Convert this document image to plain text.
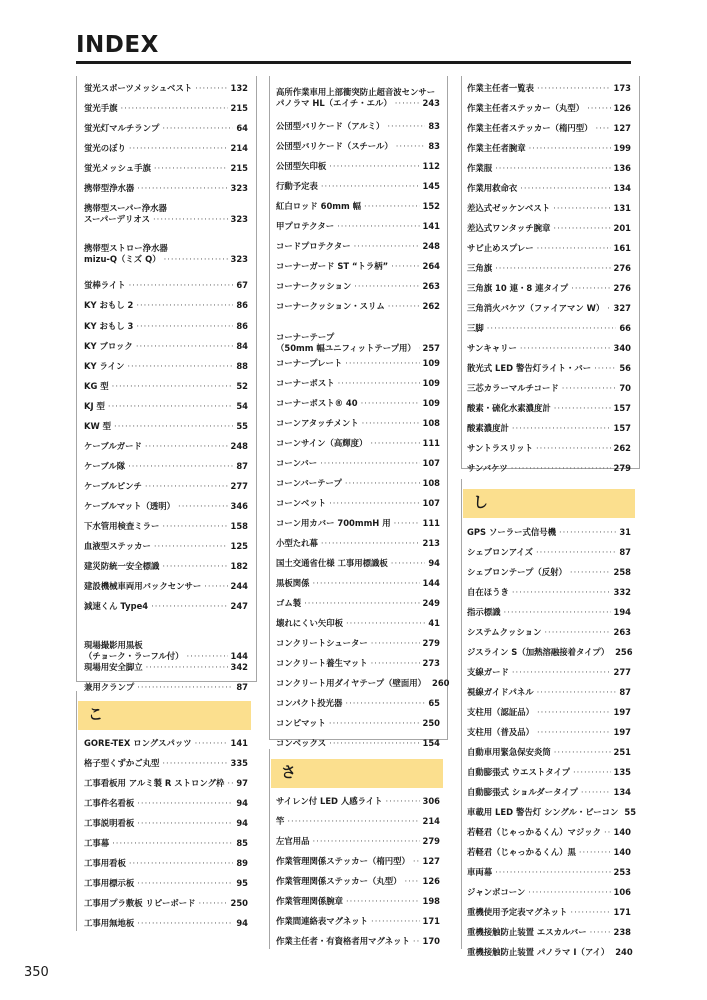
INDEX
こ
さ
し
蛍光スポーツメッシュベスト ·····	132
蛍光手旗 ·····	215
蛍光灯マルチランプ ·····	64
蛍光のぼり ·····	214
蛍光メッシュ手旗 ·····	215
携帯型浄水器 ·····	323
携帯型スーパー浄水器
スーパーデリオス ·····	323
携帯型ストロー浄水器
mizu-Q（ミズ Q） ·····	323
蛍棒ライト ·····	67
KY おもし 2 ·····	86
KY おもし 3 ·····	86
KY ブロック ·····	84
KY ライン ·····	88
KG 型 ·····	52
KJ 型 ·····	54
KW 型 ·····	55
ケーブルガード ·····	248
ケーブル隊 ·····	87
ケーブルピンチ ·····	277
ケーブルマット（透明） ·····	346
下水管用検査ミラー ·····	158
血液型ステッカー ·····	125
建災防統一安全標識 ·····	182
建設機械車両用バックセンサー ·····	244
減速くん Type4 ·····	247
現場撮影用黒板
（チョーク・ラーフル付） ·····	144
現場用安全脚立 ·····	342
兼用クランプ ·····	87
GORE-TEX ロングスパッツ ·····	141
格子型くずかご丸型 ·····	335
工事看板用 アルミ製 R ストロング枠 ····· 97
工事件名看板 ·····	94
工事説明看板 ·····	94
工事幕 ·····	85
工事用看板 ·····	89
工事用標示板 ·····	95
工事用プラ敷板 リピーボード ·····	250
工事用無地板 ·····	94
高所作業車用上部衝突防止超音波センサー
パノラマ HL（エイチ・エル） ·····	243
公団型バリケード（アルミ） ·····	83
公団型バリケード（スチール） ·····	83
公団型矢印板 ·····	112
行動予定表 ·····	145
紅白ロッド 60mm 幅 ·····	152
甲プロテクター ·····	141
コードプロテクター ·····	248
コーナーガード ST “トラ柄” ·····	264
コーナークッション ·····	263
コーナークッション・スリム ·····	262
コーナーテープ
（50mm 幅ユニフィットテープ用） ····· 257
コーナープレート ·····	109
コーナーポスト ·····	109
コーナーポスト® 40 ·····	109
コーンアタッチメント ·····	108
コーンサイン（高輝度） ·····	111
コーンバー ·····	107
コーンバーテープ ·····	108
コーンベット ·····	107
コーン用カバー 700mmH 用 ·····	111
小型たれ幕 ·····	213
国土交通省仕様 工事用標識板 ·····	94
黒板関係 ·····	144
ゴム製 ·····	249
壊れにくい矢印板 ·····	41
コンクリートシューター ·····	279
コンクリート養生マット ·····	273
コンクリート用ダイヤテープ（壁面用） 260
コンパクト投光器 ·····	65
コンピマット ·····	250
コンベックス ·····	154
サイレン付 LED 人感ライト ·····	306
竿 ·····	214
左官用品 ·····	279
作業管理関係ステッカー（楕円型） ····· 127
作業管理関係ステッカー（丸型） ·····	126
作業管理関係腕章 ·····	198
作業間連絡表マグネット ·····	171
作業主任者・有資格者用マグネット ····· 170
作業主任者一覧表 ·····	173
作業主任者ステッカー（丸型） ·····	126
作業主任者ステッカー（楕円型） ·····	127
作業主任者腕章 ·····	199
作業服 ·····	136
作業用救命衣 ·····	134
差込式ゼッケンベスト ·····	131
差込式ワンタッチ腕章 ·····	201
サビ止めスプレー ·····	161
三角旗 ·····	276
三角旗 10 連・8 連タイプ ·····	276
三角消火バケツ（ファイアマン W） ····· 327
三脚 ·····	66
サンキャリー ·····	340
散光式 LED 警告灯ライト・バー ·····	56
三芯カラーマルチコード ·····	70
酸素・硫化水素濃度計 ·····	157
酸素濃度計 ·····	157
サントラスリット ·····	262
サンバケツ ·····	279
GPS ソーラー式信号機 ·····	31
シェブロンアイズ ·····	87
シェブロンテープ（反射） ·····	258
自在ほうき ·····	332
指示標識 ·····	194
システムクッション ·····	263
ジスライン S（加熱溶融接着タイプ） 256
支線ガード ·····	277
視線ガイドパネル ·····	87
支柱用（認証品） ·····	197
支柱用（普及品） ·····	197
自動車用緊急保安炎筒 ·····	251
自動膨張式 ウエストタイプ ·····	135
自動膨張式 ショルダータイプ ·····	134
車載用 LED 警告灯 シングル・ビーコン 55
若軽君（じゃっかるくん）マジック ····· 140
若軽君（じゃっかるくん）黒 ·····	140
車両幕 ·····	253
ジャンボコーン ·····	106
重機使用予定表マグネット ·····	171
重機接触防止装置 エスカルバー ·····	238
重機接触防止装置 パノラマ I（アイ） 240
350
